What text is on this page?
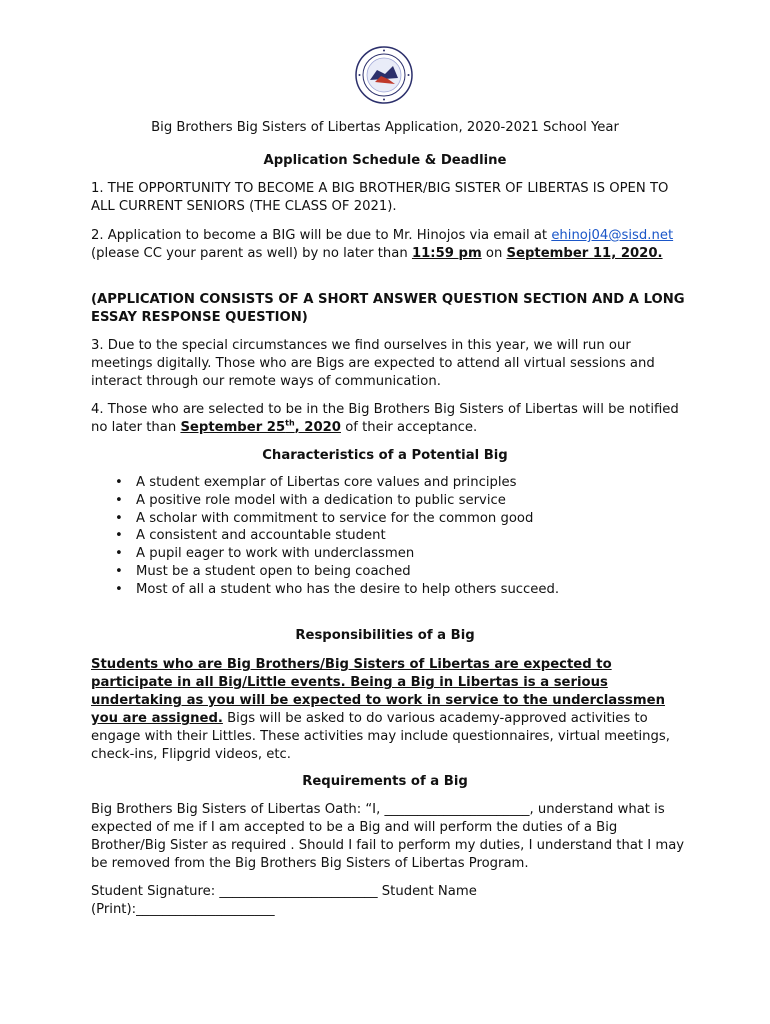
Big Brothers Big Sisters of Libertas Application, 2020-2021 School Year

Application Schedule & Deadline

1. THE OPPORTUNITY TO BECOME A BIG BROTHER/BIG SISTER OF LIBERTAS IS OPEN TO ALL CURRENT SENIORS (THE CLASS OF 2021).

2. Application to become a BIG will be due to Mr. Hinojos via email at ehinoj04@sisd.net (please CC your parent as well) by no later than 11:59 pm on September 11, 2020.

(APPLICATION CONSISTS OF A SHORT ANSWER QUESTION SECTION AND A LONG ESSAY RESPONSE QUESTION)

3. Due to the special circumstances we find ourselves in this year, we will run our meetings digitally. Those who are Bigs are expected to attend all virtual sessions and interact through our remote ways of communication.

4. Those who are selected to be in the Big Brothers Big Sisters of Libertas will be notified no later than September 25th, 2020 of their acceptance.

Characteristics of a Potential Big

• A student exemplar of Libertas core values and principles
• A positive role model with a dedication to public service
• A scholar with commitment to service for the common good
• A consistent and accountable student
• A pupil eager to work with underclassmen
• Must be a student open to being coached
• Most of all a student who has the desire to help others succeed.

Responsibilities of a Big

Students who are Big Brothers/Big Sisters of Libertas are expected to participate in all Big/Little events. Being a Big in Libertas is a serious undertaking as you will be expected to work in service to the underclassmen you are assigned. Bigs will be asked to do various academy-approved activities to engage with their Littles. These activities may include questionnaires, virtual meetings, check-ins, Flipgrid videos, etc.

Requirements of a Big

Big Brothers Big Sisters of Libertas Oath: “I, ______________________, understand what is expected of me if I am accepted to be a Big and will perform the duties of a Big Brother/Big Sister as required . Should I fail to perform my duties, I understand that I may be removed from the Big Brothers Big Sisters of Libertas Program.

Student Signature: ________________________ Student Name (Print):_____________________
